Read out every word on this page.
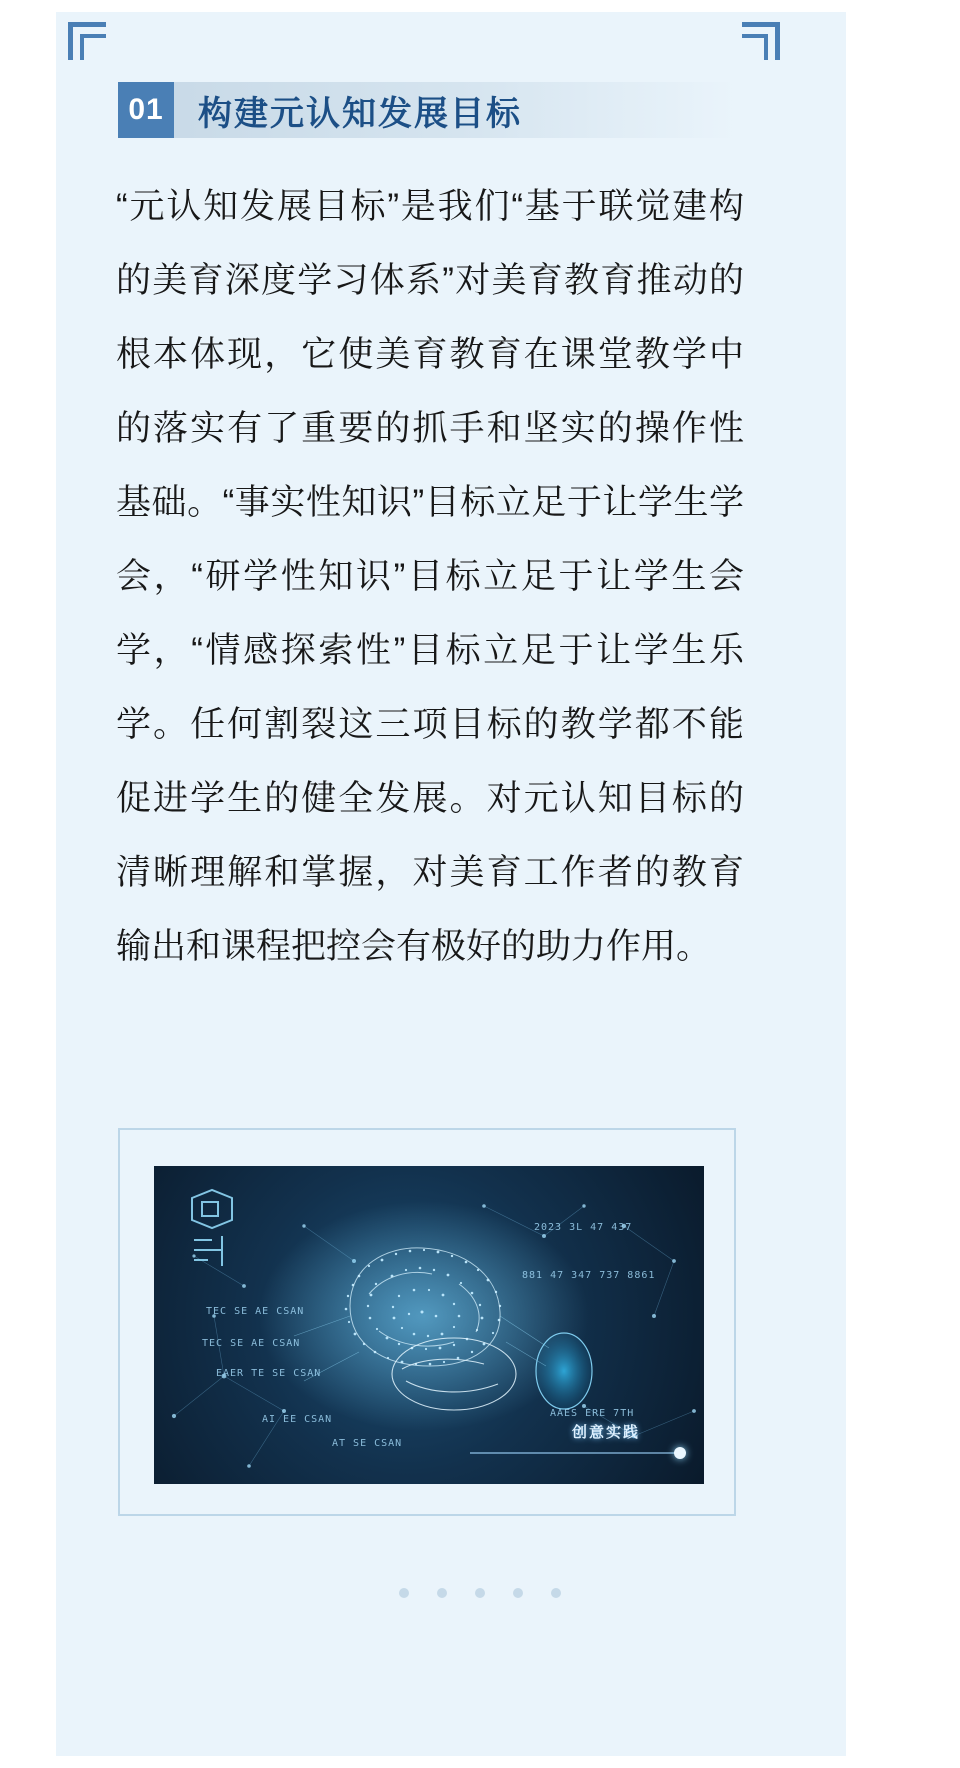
01	构建元认知发展目标
“元认知发展目标”是我们“基于联觉建构的美育深度学习体系”对美育教育推动的根本体现，它使美育教育在课堂教学中的落实有了重要的抓手和坚实的操作性基础。“事实性知识”目标立足于让学生学会，“研学性知识”目标立足于让学生会学，“情感探索性”目标立足于让学生乐学。任何割裂这三项目标的教学都不能促进学生的健全发展。对元认知目标的清晰理解和掌握，对美育工作者的教育输出和课程把控会有极好的助力作用。
TEC SE AE CSAN
TEC SE AE CSAN
EAER TE SE CSAN
AI EE CSAN
AT SE CSAN
2023 3L 47 437
881 47 347 737 8861
AAES ERE 7TH
创意实践
